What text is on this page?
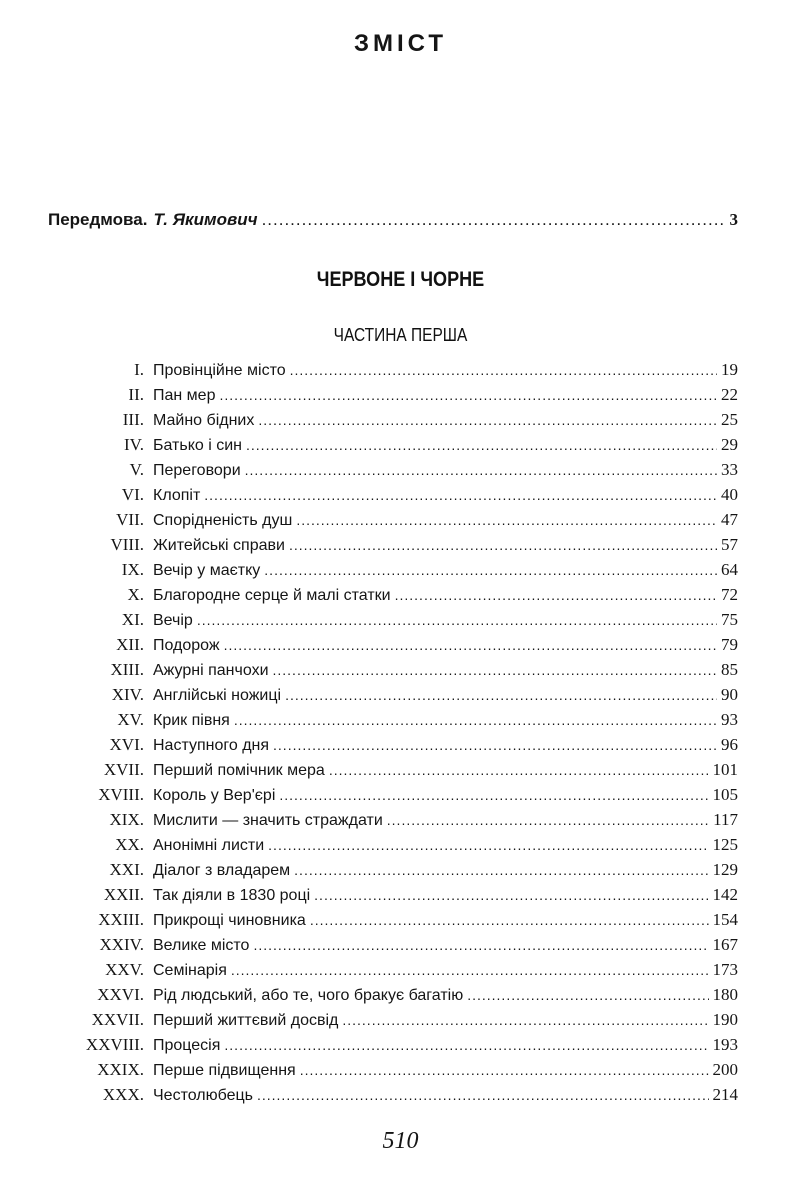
ЗМІСТ
Передмова. Т. Якимович .....	3
ЧЕРВОНЕ І ЧОРНЕ
ЧАСТИНА ПЕРША
I. Провінційне місто .....	19
II. Пан мер .....	22
III. Майно бідних .....	25
IV. Батько і син .....	29
V. Переговори .....	33
VI. Клопіт .....	40
VII. Спорідненість душ .....	47
VIII. Житейські справи .....	57
IX. Вечір у маєтку .....	64
X. Благородне серце й малі статки .....	72
XI. Вечір .....	75
XII. Подорож .....	79
XIII. Ажурні панчохи .....	85
XIV. Англійські ножиці .....	90
XV. Крик півня .....	93
XVI. Наступного дня .....	96
XVII. Перший помічник мера .....	101
XVIII. Король у Вер'єрі .....	105
XIX. Мислити — значить страждати .....	117
XX. Анонімні листи .....	125
XXI. Діалог з владарем .....	129
XXII. Так діяли в 1830 році .....	142
XXIII. Прикрощі чиновника .....	154
XXIV. Велике місто .....	167
XXV. Семінарія .....	173
XXVI. Рід людський, або те, чого бракує багатію .....	180
XXVII. Перший життєвий досвід .....	190
XXVIII. Процесія .....	193
XXIX. Перше підвищення .....	200
XXX. Честолюбець .....	214
510
